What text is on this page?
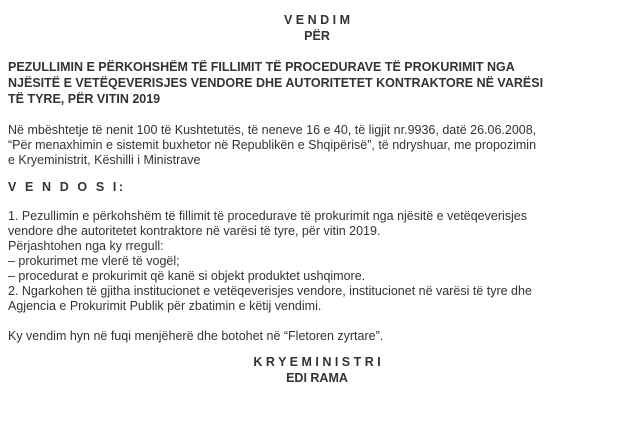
V E N D I M
PËR
PEZULLIMIN E PËRKOHSHËM TË FILLIMIT TË PROCEDURAVE TË PROKURIMIT NGA
NJËSITË E VETËQEVERISJES VENDORE DHE AUTORITETET KONTRAKTORE NË VARËSI
TË TYRE, PËR VITIN 2019

Në mbështetje të nenit 100 të Kushtetutës, të neneve 16 e 40, të ligjit nr.9936, datë 26.06.2008,

“Për menaxhimin e sistemit buxhetor në Republikën e Shqipërisë”, të ndryshuar, me propozimin

e Kryeministrit, Këshilli i Ministrave

V E N D O S I:

1. Pezullimin e përkohshëm të fillimit të procedurave të prokurimit nga njësitë e vetëqeverisjes

vendore dhe autoritetet kontraktore në varësi të tyre, për vitin 2019.

Përjashtohen nga ky rregull:

– prokurimet me vlerë të vogël;

– procedurat e prokurimit që kanë si objekt produktet ushqimore.

2. Ngarkohen të gjitha institucionet e vetëqeverisjes vendore, institucionet në varësi të tyre dhe

Agjencia e Prokurimit Publik për zbatimin e këtij vendimi.

Ky vendim hyn në fuqi menjëherë dhe botohet në “Fletoren zyrtare”.

K R Y E M I N I S T R I
EDI RAMA
